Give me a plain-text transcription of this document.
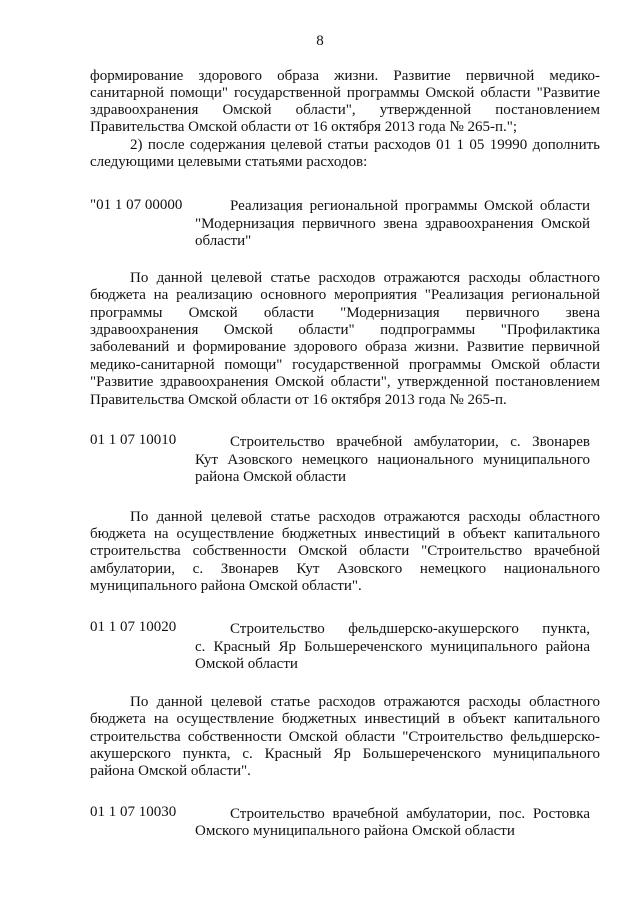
8
формирование здорового образа жизни. Развитие первичной медико-
санитарной помощи" государственной программы Омской области "Развитие
здравоохранения Омской области", утвержденной постановлением
Правительства Омской области от 16 октября 2013 года № 265-п.";
2) после содержания целевой статьи расходов 01 1 05 19990 дополнить
следующими целевыми статьями расходов:
"01 1 07 00000	Реализация региональной программы Омской области
"Модернизация первичного звена здравоохранения Омской
области"
По данной целевой статье расходов отражаются расходы областного
бюджета на реализацию основного мероприятия "Реализация региональной
программы Омской области "Модернизация первичного звена
здравоохранения Омской области" подпрограммы "Профилактика
заболеваний и формирование здорового образа жизни. Развитие первичной
медико-санитарной помощи" государственной программы Омской области
"Развитие здравоохранения Омской области", утвержденной постановлением
Правительства Омской области от 16 октября 2013 года № 265-п.
01 1 07 10010	Строительство врачебной амбулатории, с. Звонарев
Кут Азовского немецкого национального муниципального
района Омской области
По данной целевой статье расходов отражаются расходы областного
бюджета на осуществление бюджетных инвестиций в объект капитального
строительства собственности Омской области "Строительство врачебной
амбулатории, с. Звонарев Кут Азовского немецкого национального
муниципального района Омской области".
01 1 07 10020	Строительство фельдшерско-акушерского пункта,
с. Красный Яр Большереченского муниципального района
Омской области
По данной целевой статье расходов отражаются расходы областного
бюджета на осуществление бюджетных инвестиций в объект капитального
строительства собственности Омской области "Строительство фельдшерско-
акушерского пункта, с. Красный Яр Большереченского муниципального
района Омской области".
01 1 07 10030	Строительство врачебной амбулатории, пос. Ростовка
Омского муниципального района Омской области
